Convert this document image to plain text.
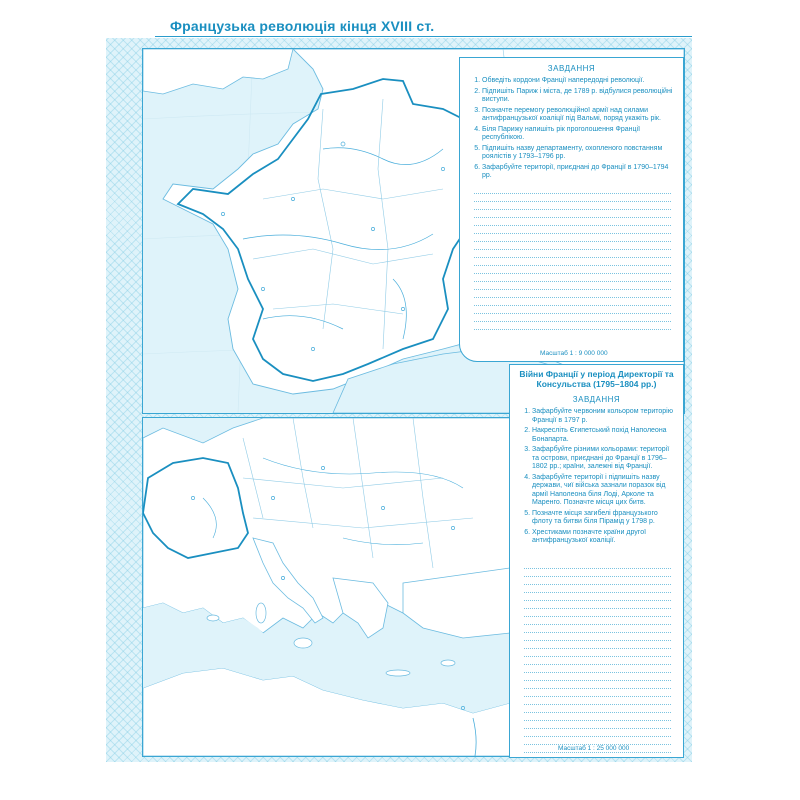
Французька революція кінця XVIII ст.
ЗАВДАННЯ
1. Обведіть кордони Франції напередодні революції.
2. Підпишіть Париж і міста, де 1789 р. відбулися революційні виступи.
3. Позначте перемогу революційної армії над силами антифранцузької коаліції під Вальмі, поряд укажіть рік.
4. Біля Парижу напишіть рік проголошення Франції республікою.
5. Підпишіть назву департаменту, охопленого повстанням роялістів у 1793–1796 рр.
6. Зафарбуйте території, приєднані до Франції в 1790–1794 рр.
Масштаб 1 : 9 000 000
Війни Франції у період Директорії та Консульства (1795–1804 рр.)
ЗАВДАННЯ
1. Зафарбуйте червоним кольором територію Франції в 1797 р.
2. Накресліть Єгипетський похід Наполеона Бонапарта.
3. Зафарбуйте різними кольорами: території та острови, приєднані до Франції в 1796–1802 рр.; країни, залежні від Франції.
4. Зафарбуйте території і підпишіть назву держави, чиї війська зазнали поразок від армії Наполеона біля Лоді, Арколе та Маренго. Позначте місця цих битв.
5. Позначте місця загибелі французького флоту та битви біля Пірамід у 1798 р.
6. Хрестиками позначте країни другої антифранцузької коаліції.
Масштаб 1 : 25 000 000
